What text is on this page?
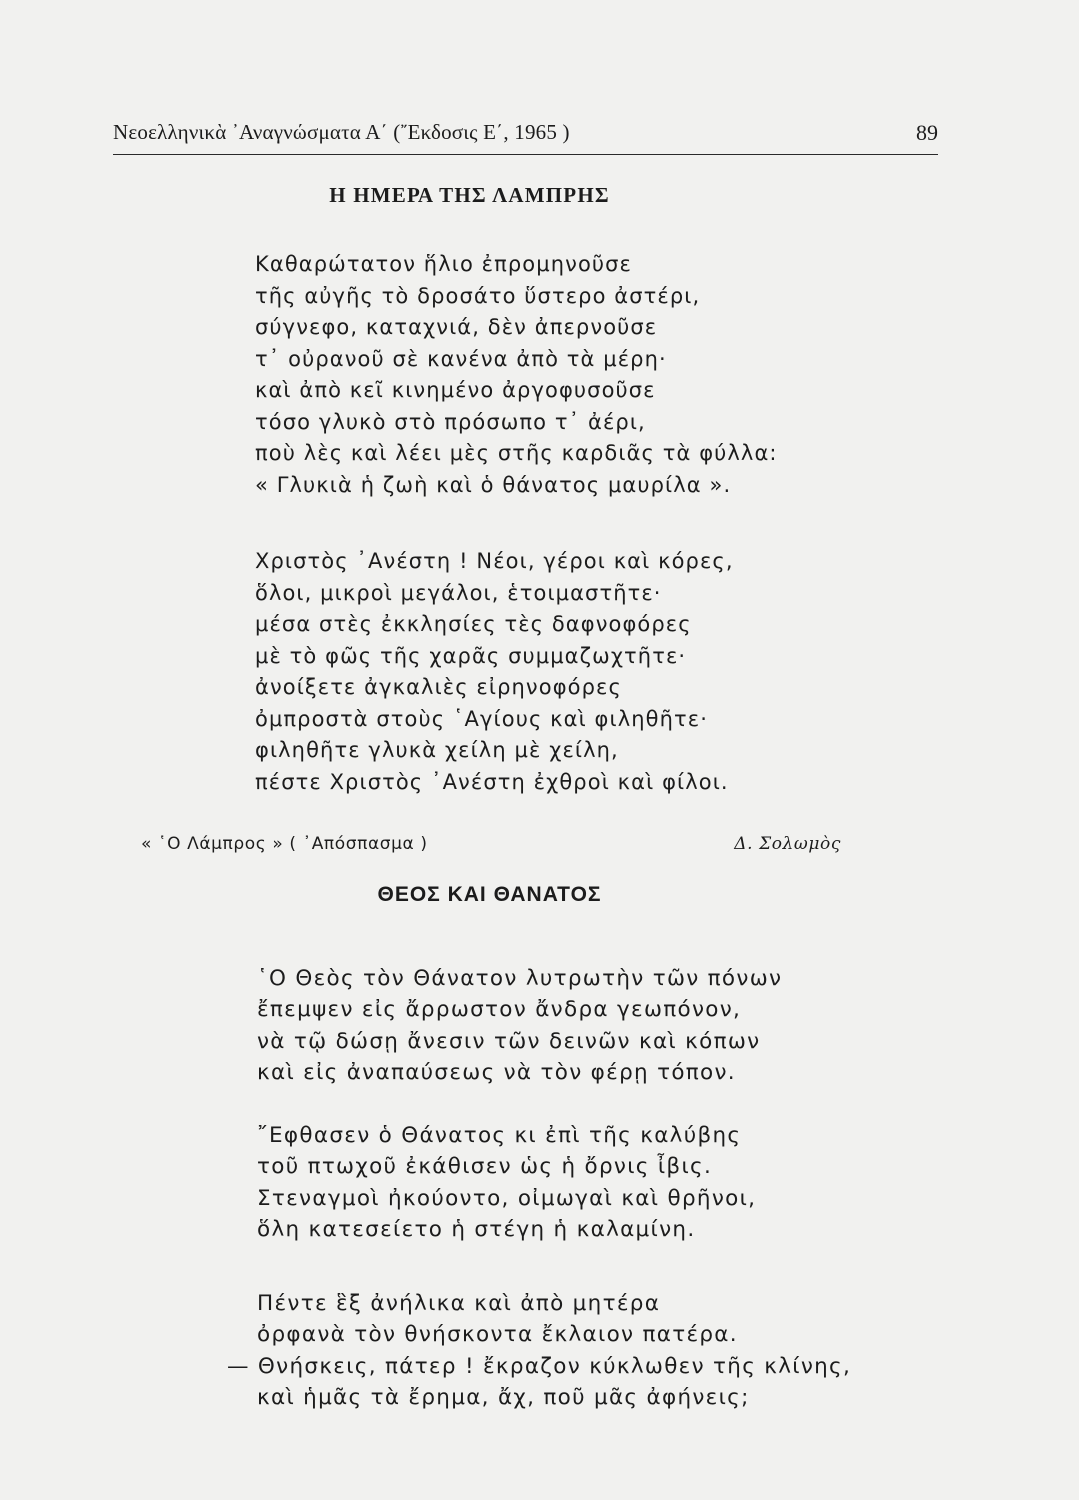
Νεοελληνικὰ ᾿Αναγνώσματα Α΄ (῎Εκδοσις Ε΄, 1965 )	89
Η ΗΜΕΡΑ ΤΗΣ ΛΑΜΠΡΗΣ
Καθαρώτατον ἥλιο ἐπρομηνοῦσε
τῆς αὐγῆς τὸ δροσάτο ὕστερο ἀστέρι,
σύγνεφο, καταχνιά, δὲν ἀπερνοῦσε
τ᾿ οὐρανοῦ σὲ κανένα ἀπὸ τὰ μέρη·
καὶ ἀπὸ κεῖ κινημένο ἀργοφυσοῦσε
τόσο γλυκὸ στὸ πρόσωπο τ᾿ ἀέρι,
ποὺ λὲς καὶ λέει μὲς στῆς καρδιᾶς τὰ φύλλα:
« Γλυκιὰ ἡ ζωὴ καὶ ὁ θάνατος μαυρίλα ».
Χριστὸς ᾿Ανέστη ! Νέοι, γέροι καὶ κόρες,
ὅλοι, μικροὶ μεγάλοι, ἑτοιμαστῆτε·
μέσα στὲς ἐκκλησίες τὲς δαφνοφόρες
μὲ τὸ φῶς τῆς χαρᾶς συμμαζωχτῆτε·
ἀνοίξετε ἀγκαλιὲς εἰρηνοφόρες
ὀμπροστὰ στοὺς ῾Αγίους καὶ φιληθῆτε·
φιληθῆτε γλυκὰ χείλη μὲ χείλη,
πέστε Χριστὸς ᾿Ανέστη ἐχθροὶ καὶ φίλοι.
« ῾Ο Λάμπρος » ( ᾿Απόσπασμα )	Δ. Σολωμὸς
ΘΕΟΣ ΚΑΙ ΘΑΝΑΤΟΣ
῾Ο Θεὸς τὸν Θάνατον λυτρωτὴν τῶν πόνων
ἔπεμψεν εἰς ἄρρωστον ἄνδρα γεωπόνον,
νὰ τῷ δώσῃ ἄνεσιν τῶν δεινῶν καὶ κόπων
καὶ εἰς ἀναπαύσεως νὰ τὸν φέρῃ τόπον.
῎Εφθασεν ὁ Θάνατος κι ἐπὶ τῆς καλύβης
τοῦ πτωχοῦ ἐκάθισεν ὡς ἡ ὄρνις ἶβις.
Στεναγμοὶ ἠκούοντο, οἰμωγαὶ καὶ θρῆνοι,
ὅλη κατεσείετο ἡ στέγη ἡ καλαμίνη.
Πέντε ἓξ ἀνήλικα καὶ ἀπὸ μητέρα
ὀρφανὰ τὸν θνήσκοντα ἔκλαιον πατέρα.
— Θνήσκεις, πάτερ ! ἔκραζον κύκλωθεν τῆς κλίνης,
καὶ ἡμᾶς τὰ ἔρημα, ἄχ, ποῦ μᾶς ἀφήνεις;
